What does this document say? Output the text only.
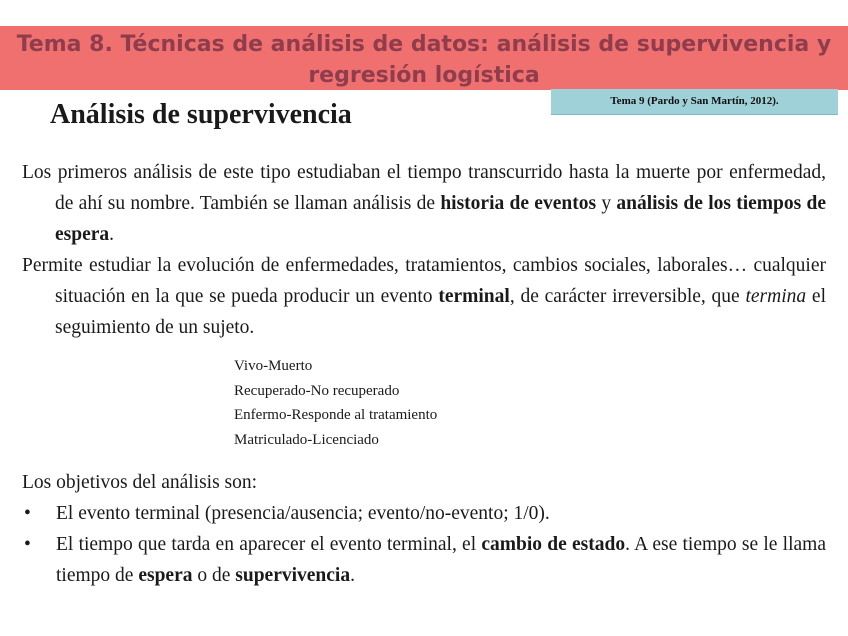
Tema 8. Técnicas de análisis de datos: análisis de supervivencia y regresión logística
Tema 9 (Pardo y San Martín, 2012).
Análisis de supervivencia

Los primeros análisis de este tipo estudiaban el tiempo transcurrido hasta la muerte por enfermedad, de ahí su nombre. También se llaman análisis de historia de eventos y análisis de los tiempos de espera.

Permite estudiar la evolución de enfermedades, tratamientos, cambios sociales, laborales… cualquier situación en la que se pueda producir un evento terminal, de carácter irreversible, que termina el seguimiento de un sujeto.

Vivo-Muerto
Recuperado-No recuperado
Enfermo-Responde al tratamiento
Matriculado-Licenciado

Los objetivos del análisis son:

• El evento terminal (presencia/ausencia; evento/no-evento; 1/0).
• El tiempo que tarda en aparecer el evento terminal, el cambio de estado. A ese tiempo se le llama tiempo de espera o de supervivencia.
